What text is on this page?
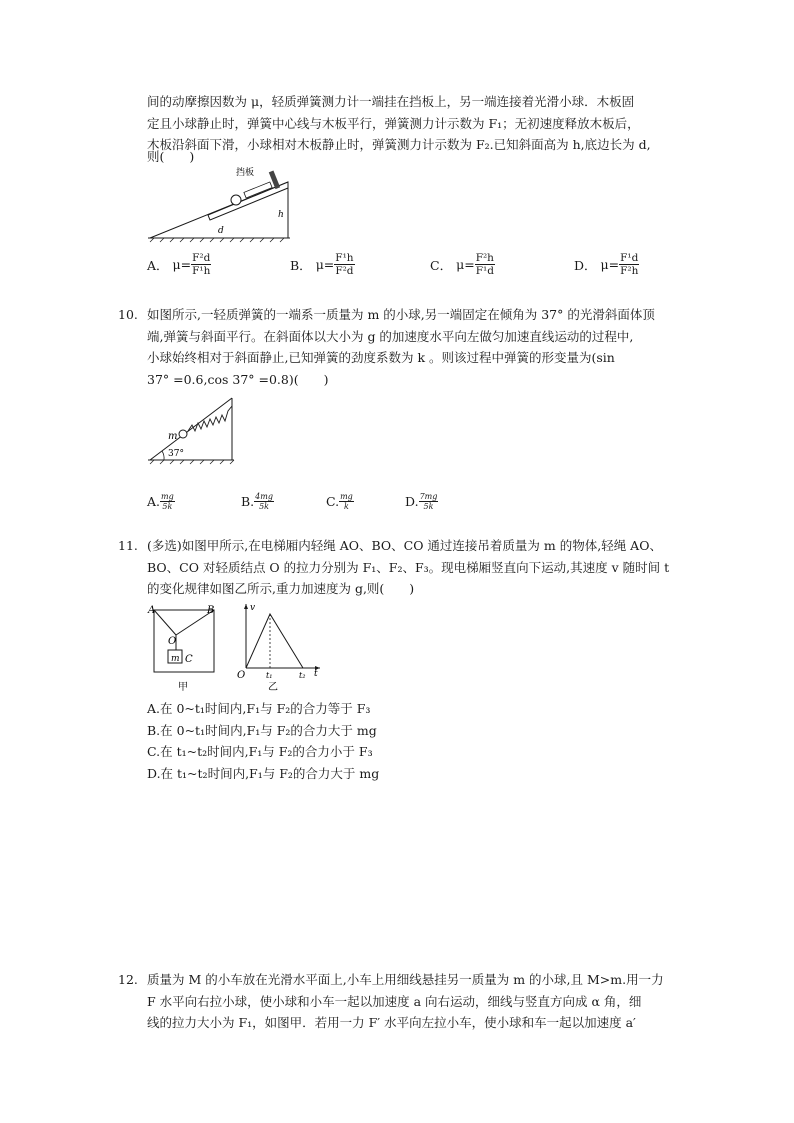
间的动摩擦因数为 μ，轻质弹簧测力计一端挂在挡板上，另一端连接着光滑小球．木板固
定且小球静止时，弹簧中心线与木板平行，弹簧测力计示数为 F₁；无初速度释放木板后，
木板沿斜面下滑，小球相对木板静止时，弹簧测力计示数为 F₂.已知斜面高为 h,底边长为 d,
则(　　)
挡板
h
d
A． $\mu= \frac{\text{F²d}}{\text{F¹h}}$	B． $\mu= \frac{\text{F¹h}}{\text{F²d}}$	C． $\mu= \frac{\text{F²h}}{\text{F¹d}}$	D． $\mu= \frac{\text{F¹d}}{\text{F²h}}$
10. 如图所示,一轻质弹簧的一端系一质量为 m 的小球,另一端固定在倾角为 37° 的光滑斜面体顶
端,弹簧与斜面平行。在斜面体以大小为 g 的加速度水平向左做匀加速直线运动的过程中,
小球始终相对于斜面静止,已知弹簧的劲度系数为 k 。则该过程中弹簧的形变量为(sin
37° =0.6,cos 37° =0.8)(　　)
m
37°
A. mg
5k	B. 4mg
5k	C. mg
k	D. 7mg
5k
11. (多选)如图甲所示,在电梯厢内轻绳 AO、BO、CO 通过连接吊着质量为 m 的物体,轻绳 AO、
BO、CO 对轻质结点 O 的拉力分别为 F₁、F₂、F₃。现电梯厢竖直向下运动,其速度 v 随时间 t
的变化规律如图乙所示,重力加速度为 g,则(　　)
A	B
O
m C
甲
v
O	t
t₁	t₂
乙
A.在 0~t₁时间内,F₁与 F₂的合力等于 F₃
B.在 0~t₁时间内,F₁与 F₂的合力大于 mg
C.在 t₁~t₂时间内,F₁与 F₂的合力小于 F₃
D.在 t₁~t₂时间内,F₁与 F₂的合力大于 mg
12. 质量为 M 的小车放在光滑水平面上,小车上用细线悬挂另一质量为 m 的小球,且 M>m.用一力
F 水平向右拉小球，使小球和小车一起以加速度 a 向右运动，细线与竖直方向成 α 角，细
线的拉力大小为 F₁，如图甲．若用一力 F′ 水平向左拉小车，使小球和车一起以加速度 a′
